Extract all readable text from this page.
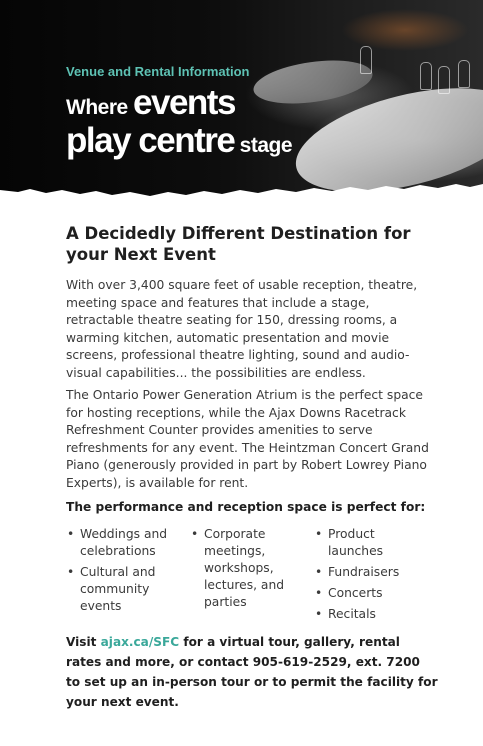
Venue and Rental Information

Where events
play centre stage
A Decidedly Different Destination for your Next Event

With over 3,400 square feet of usable reception, theatre, meeting space and features that include a stage, retractable theatre seating for 150, dressing rooms, a warming kitchen, automatic presentation and movie screens, professional theatre lighting, sound and audio-visual capabilities... the possibilities are endless.

The Ontario Power Generation Atrium is the perfect space for hosting receptions, while the Ajax Downs Racetrack Refreshment Counter provides amenities to serve refreshments for any event. The Heintzman Concert Grand Piano (generously provided in part by Robert Lowrey Piano Experts), is available for rent.

The performance and reception space is perfect for:

• Weddings and celebrations
• Cultural and community events
• Corporate meetings, workshops, lectures, and parties
• Product launches
• Fundraisers
• Concerts
• Recitals

Visit ajax.ca/SFC for a virtual tour, gallery, rental rates and more, or contact 905-619-2529, ext. 7200 to set up an in-person tour or to permit the facility for your next event.
